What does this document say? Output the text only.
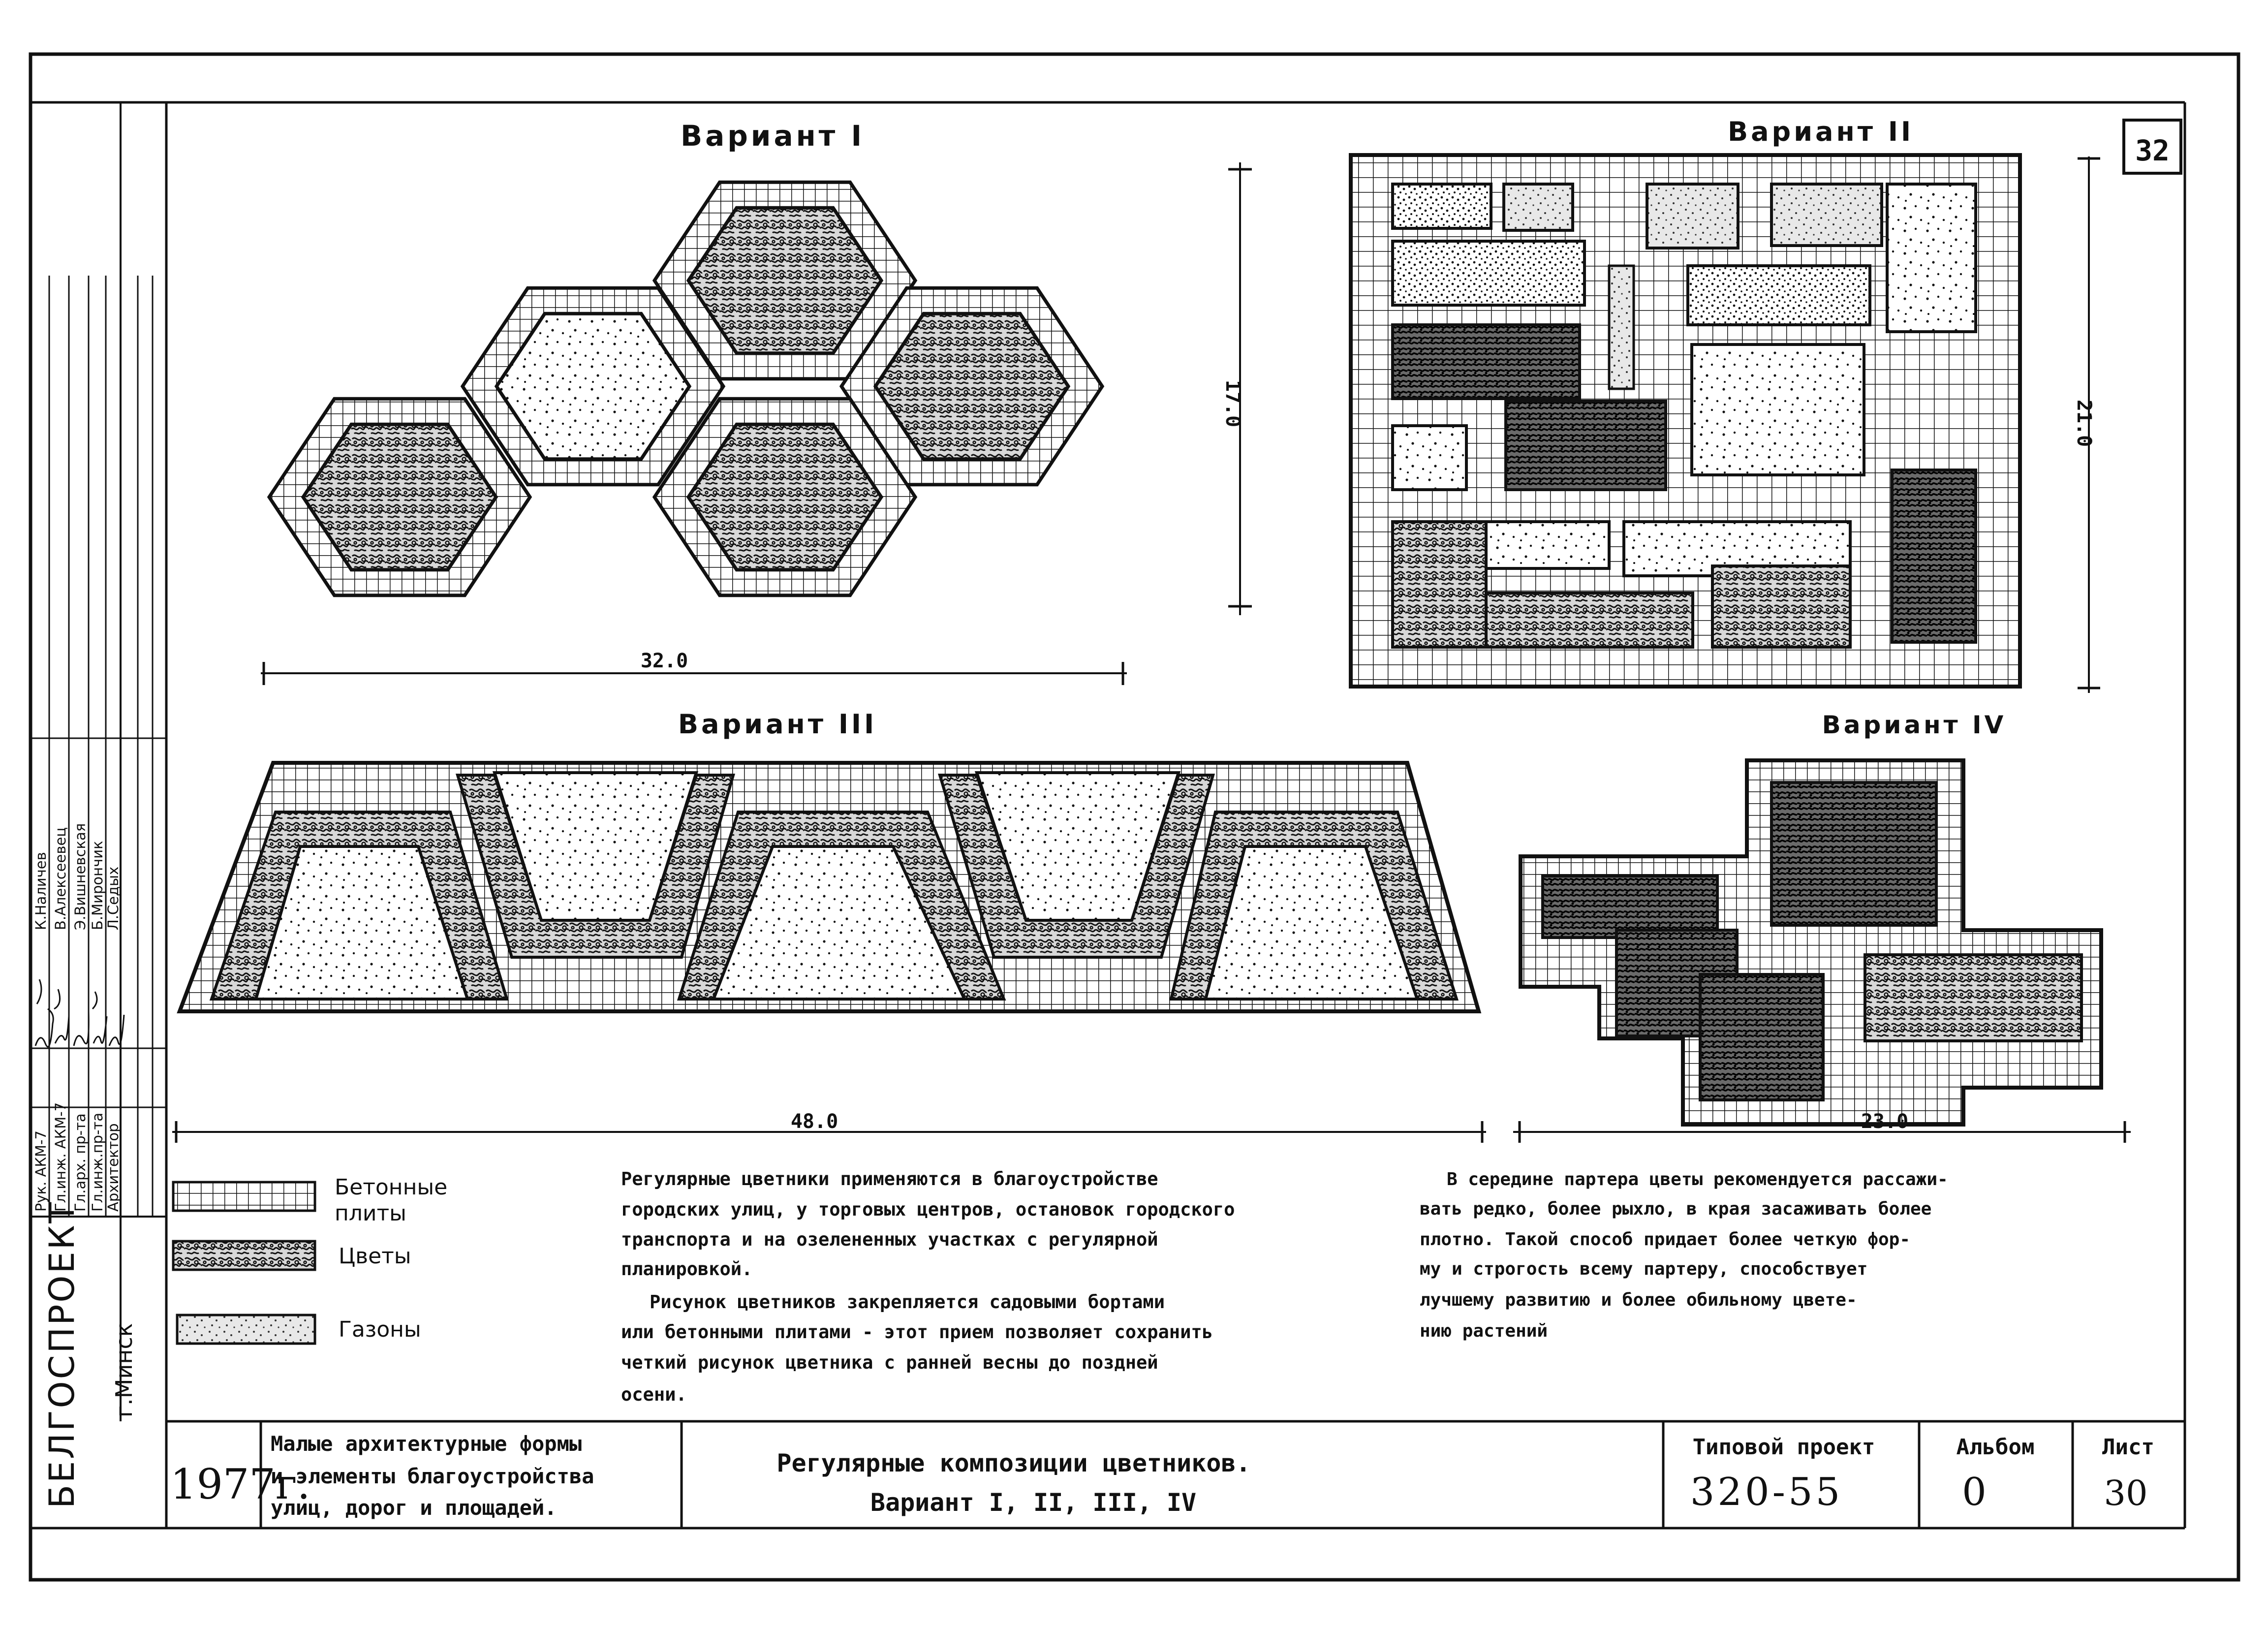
32
Вариант I
32.0
17.0
Вариант II
21.0
Вариант III
48.0
Вариант IV
23.0
Бетонные
плиты
Цветы
Газоны
Регулярные цветники применяются в благоустройстве
городских улиц, у торговых центров, остановок городского
транспорта и на озелененных участках с регулярной
планировкой.
Рисунок цветников закрепляется садовыми бортами
или бетонными плитами - этот прием позволяет сохранить
четкий рисунок цветника с ранней весны до поздней
осени.
В середине партера цветы рекомендуется рассажи-
вать редко, более рыхло, в края засаживать более
плотно. Такой способ придает более четкую фор-
му и строгость всему партеру, способствует
лучшему развитию и более обильному цвете-
нию растений
БЕЛГОСПРОЕКТ г.Минск
Рук. АКМ-7 Гл.инж. АКМ-7 Гл.арх. пр-та Гл.инж.пр-та
Архитектор
К.Наличев В.Алексеевец Э.Вишневская Б.Мирончик
Л.Седых
1977г.
Малые архитектурные формы
и элементы благоустройства
улиц, дорог и площадей.
Регулярные композиции цветников.
Вариант I, II, III, IV
Типовой проект
320-55
Альбом
0
Лист
30
